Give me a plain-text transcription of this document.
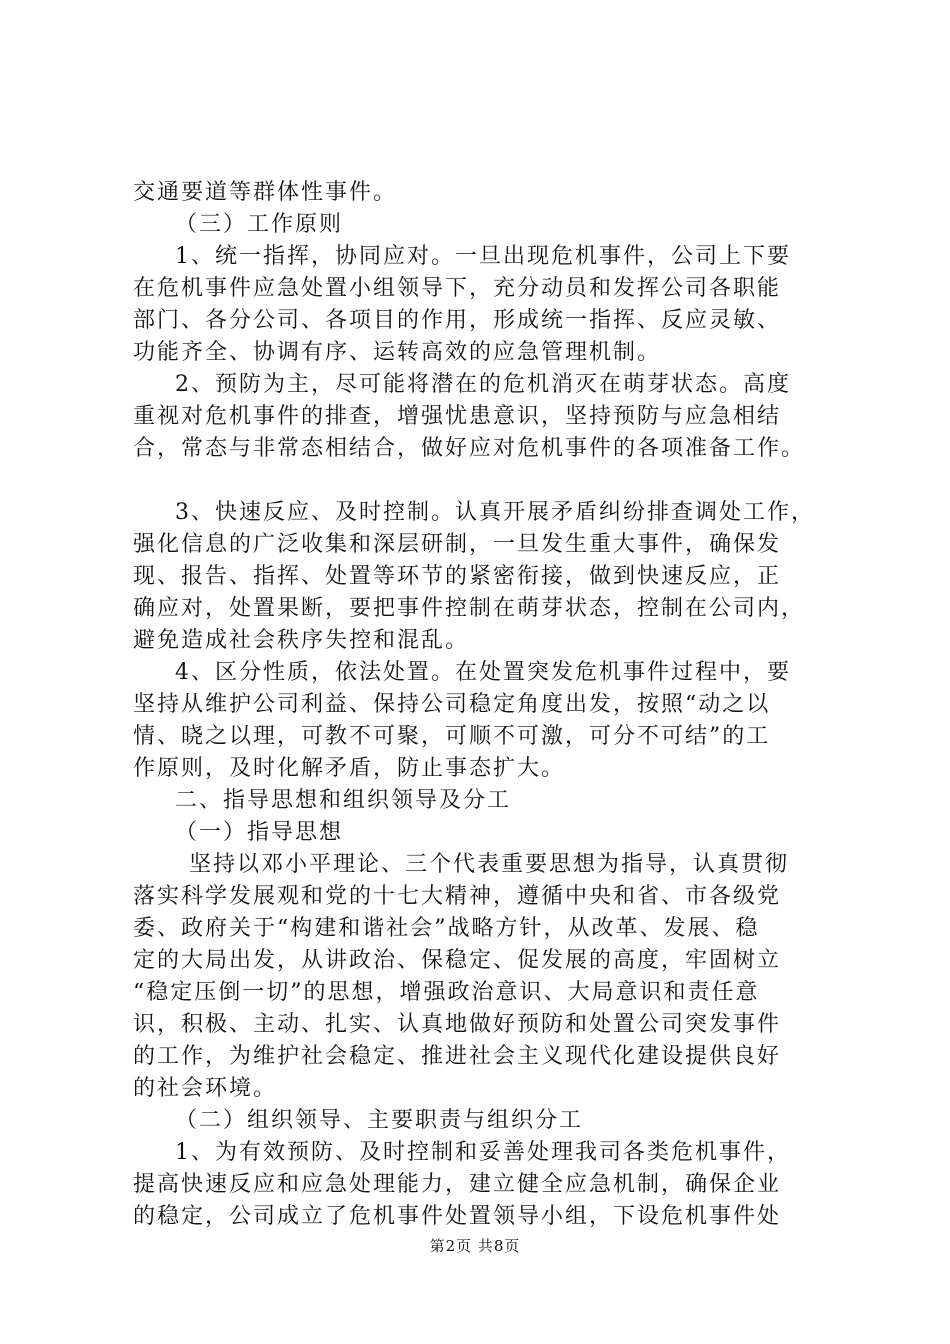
交通要道等群体性事件。
（三）工作原则
1、统一指挥，协同应对。一旦出现危机事件，公司上下要
在危机事件应急处置小组领导下，充分动员和发挥公司各职能
部门、各分公司、各项目的作用，形成统一指挥、反应灵敏、
功能齐全、协调有序、运转高效的应急管理机制。
2、预防为主，尽可能将潜在的危机消灭在萌芽状态。高度
重视对危机事件的排查，增强忧患意识，坚持预防与应急相结
合，常态与非常态相结合，做好应对危机事件的各项准备工作。
3、快速反应、及时控制。认真开展矛盾纠纷排查调处工作，
强化信息的广泛收集和深层研制，一旦发生重大事件，确保发
现、报告、指挥、处置等环节的紧密衔接，做到快速反应，正
确应对，处置果断，要把事件控制在萌芽状态，控制在公司内，
避免造成社会秩序失控和混乱。
4、区分性质，依法处置。在处置突发危机事件过程中，要
坚持从维护公司利益、保持公司稳定角度出发，按照“动之以
情、晓之以理，可教不可聚，可顺不可激，可分不可结”的工
作原则，及时化解矛盾，防止事态扩大。
二、指导思想和组织领导及分工
（一）指导思想
坚持以邓小平理论、三个代表重要思想为指导，认真贯彻
落实科学发展观和党的十七大精神，遵循中央和省、市各级党
委、政府关于“构建和谐社会”战略方针，从改革、发展、稳
定的大局出发，从讲政治、保稳定、促发展的高度，牢固树立
“稳定压倒一切”的思想，增强政治意识、大局意识和责任意
识，积极、主动、扎实、认真地做好预防和处置公司突发事件
的工作，为维护社会稳定、推进社会主义现代化建设提供良好
的社会环境。
（二）组织领导、主要职责与组织分工
1、为有效预防、及时控制和妥善处理我司各类危机事件，
提高快速反应和应急处理能力，建立健全应急机制，确保企业
的稳定，公司成立了危机事件处置领导小组，下设危机事件处
第2页 共8页
